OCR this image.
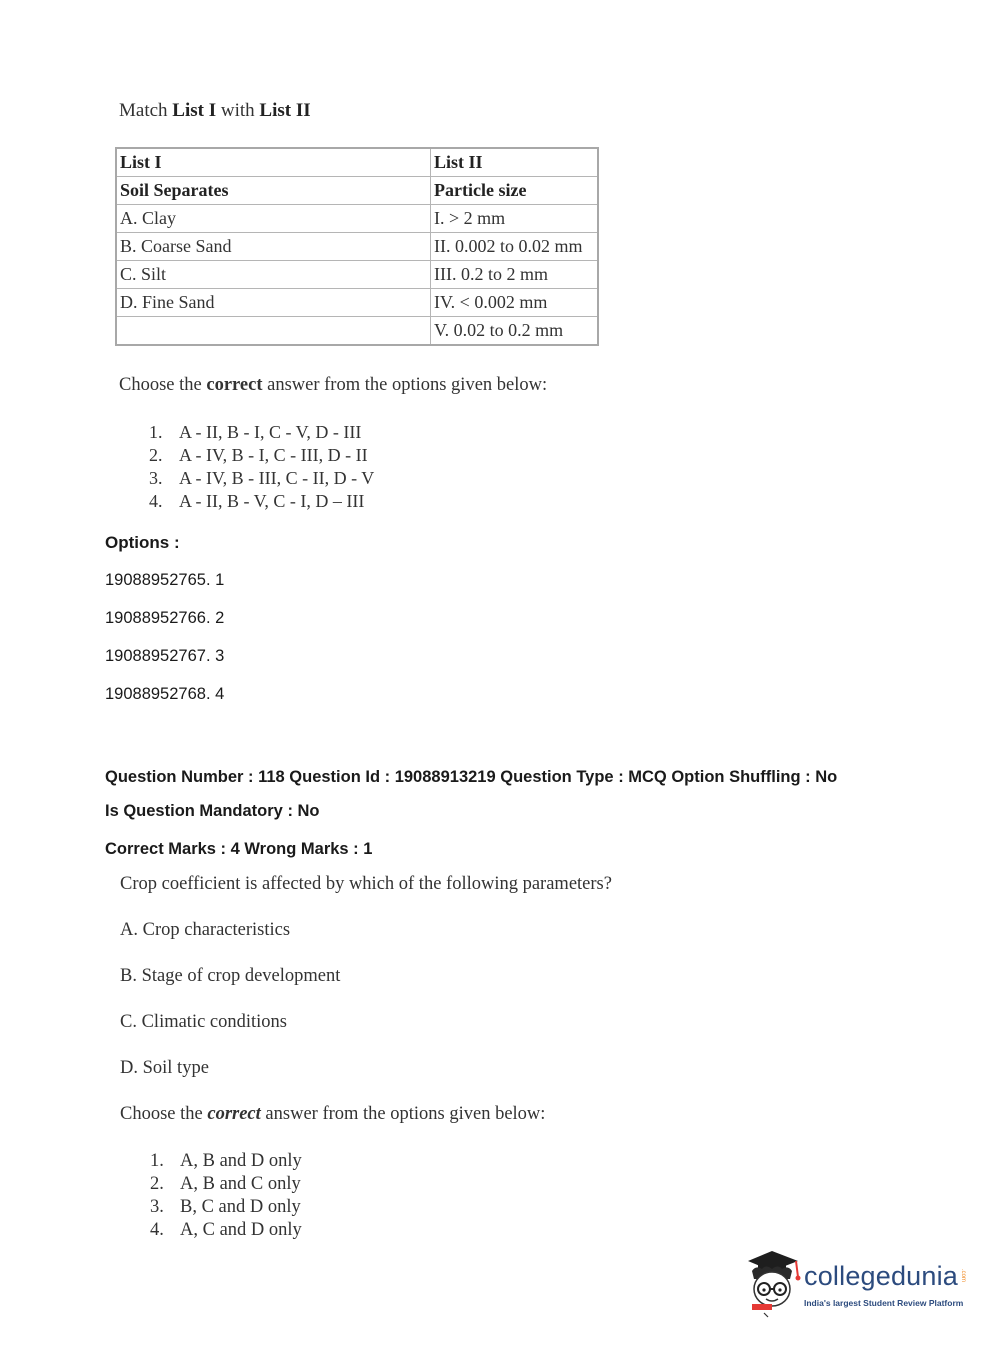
Match List I with List II
List I	List II
Soil Separates	Particle size
A. Clay	I. > 2 mm
B. Coarse Sand	II. 0.002 to 0.02 mm
C. Silt	III. 0.2 to 2 mm
D. Fine Sand	IV. < 0.002 mm
	V. 0.02 to 0.2 mm
Choose the correct answer from the options given below:
1. A - II, B - I, C - V, D - III
2. A - IV, B - I, C - III, D - II
3. A - IV, B - III, C - II, D - V
4. A - II, B - V, C - I, D – III
Options :
19088952765. 1
19088952766. 2
19088952767. 3
19088952768. 4
Question Number : 118 Question Id : 19088913219 Question Type : MCQ Option Shuffling : No
Is Question Mandatory : No
Correct Marks : 4 Wrong Marks : 1
Crop coefficient is affected by which of the following parameters?
A. Crop characteristics
B. Stage of crop development
C. Climatic conditions
D. Soil type
Choose the correct answer from the options given below:
1. A, B and D only
2. A, B and C only
3. B, C and D only
4. A, C and D only
collegedunia .com
India's largest Student Review Platform
